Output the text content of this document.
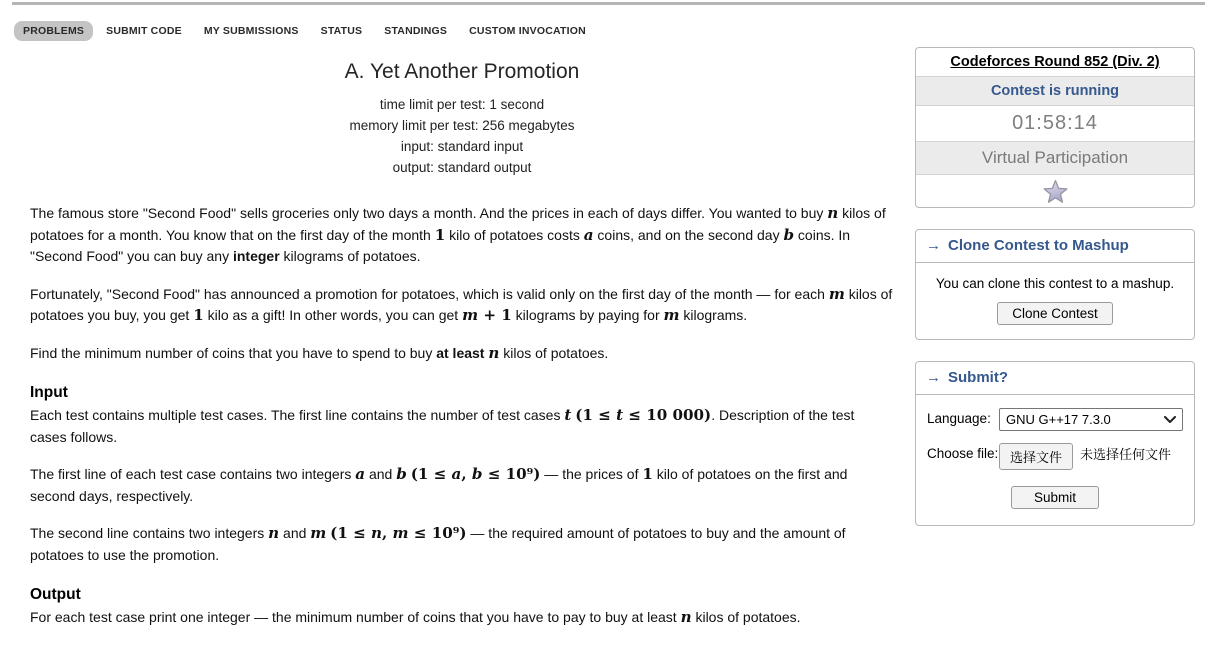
PROBLEMS	SUBMIT CODE	MY SUBMISSIONS	STATUS	STANDINGS	CUSTOM INVOCATION
A. Yet Another Promotion
time limit per test: 1 second
memory limit per test: 256 megabytes
input: standard input
output: standard output

The famous store "Second Food" sells groceries only two days a month. And the prices in each of days differ. You wanted to buy n kilos of potatoes for a month. You know that on the first day of the month 1 kilo of potatoes costs a coins, and on the second day b coins. In "Second Food" you can buy any integer kilograms of potatoes.

Fortunately, "Second Food" has announced a promotion for potatoes, which is valid only on the first day of the month — for each m kilos of potatoes you buy, you get 1 kilo as a gift! In other words, you can get m + 1 kilograms by paying for m kilograms.

Find the minimum number of coins that you have to spend to buy at least n kilos of potatoes.

Input

Each test contains multiple test cases. The first line contains the number of test cases t (1 ≤ t ≤ 10 000). Description of the test cases follows.

The first line of each test case contains two integers a and b (1 ≤ a, b ≤ 10⁹) — the prices of 1 kilo of potatoes on the first and second days, respectively.

The second line contains two integers n and m (1 ≤ n, m ≤ 10⁹) — the required amount of potatoes to buy and the amount of potatoes to use the promotion.

Output

For each test case print one integer — the minimum number of coins that you have to pay to buy at least n kilos of potatoes.

Codeforces Round 852 (Div. 2)
Contest is running
01:58:14
Virtual Participation
→ Clone Contest to Mashup
You can clone this contest to a mashup.
Clone Contest
→ Submit?
Language:
GNU G++17 7.3.0
Choose file: 选择文件	未选择任何文件
Submit
